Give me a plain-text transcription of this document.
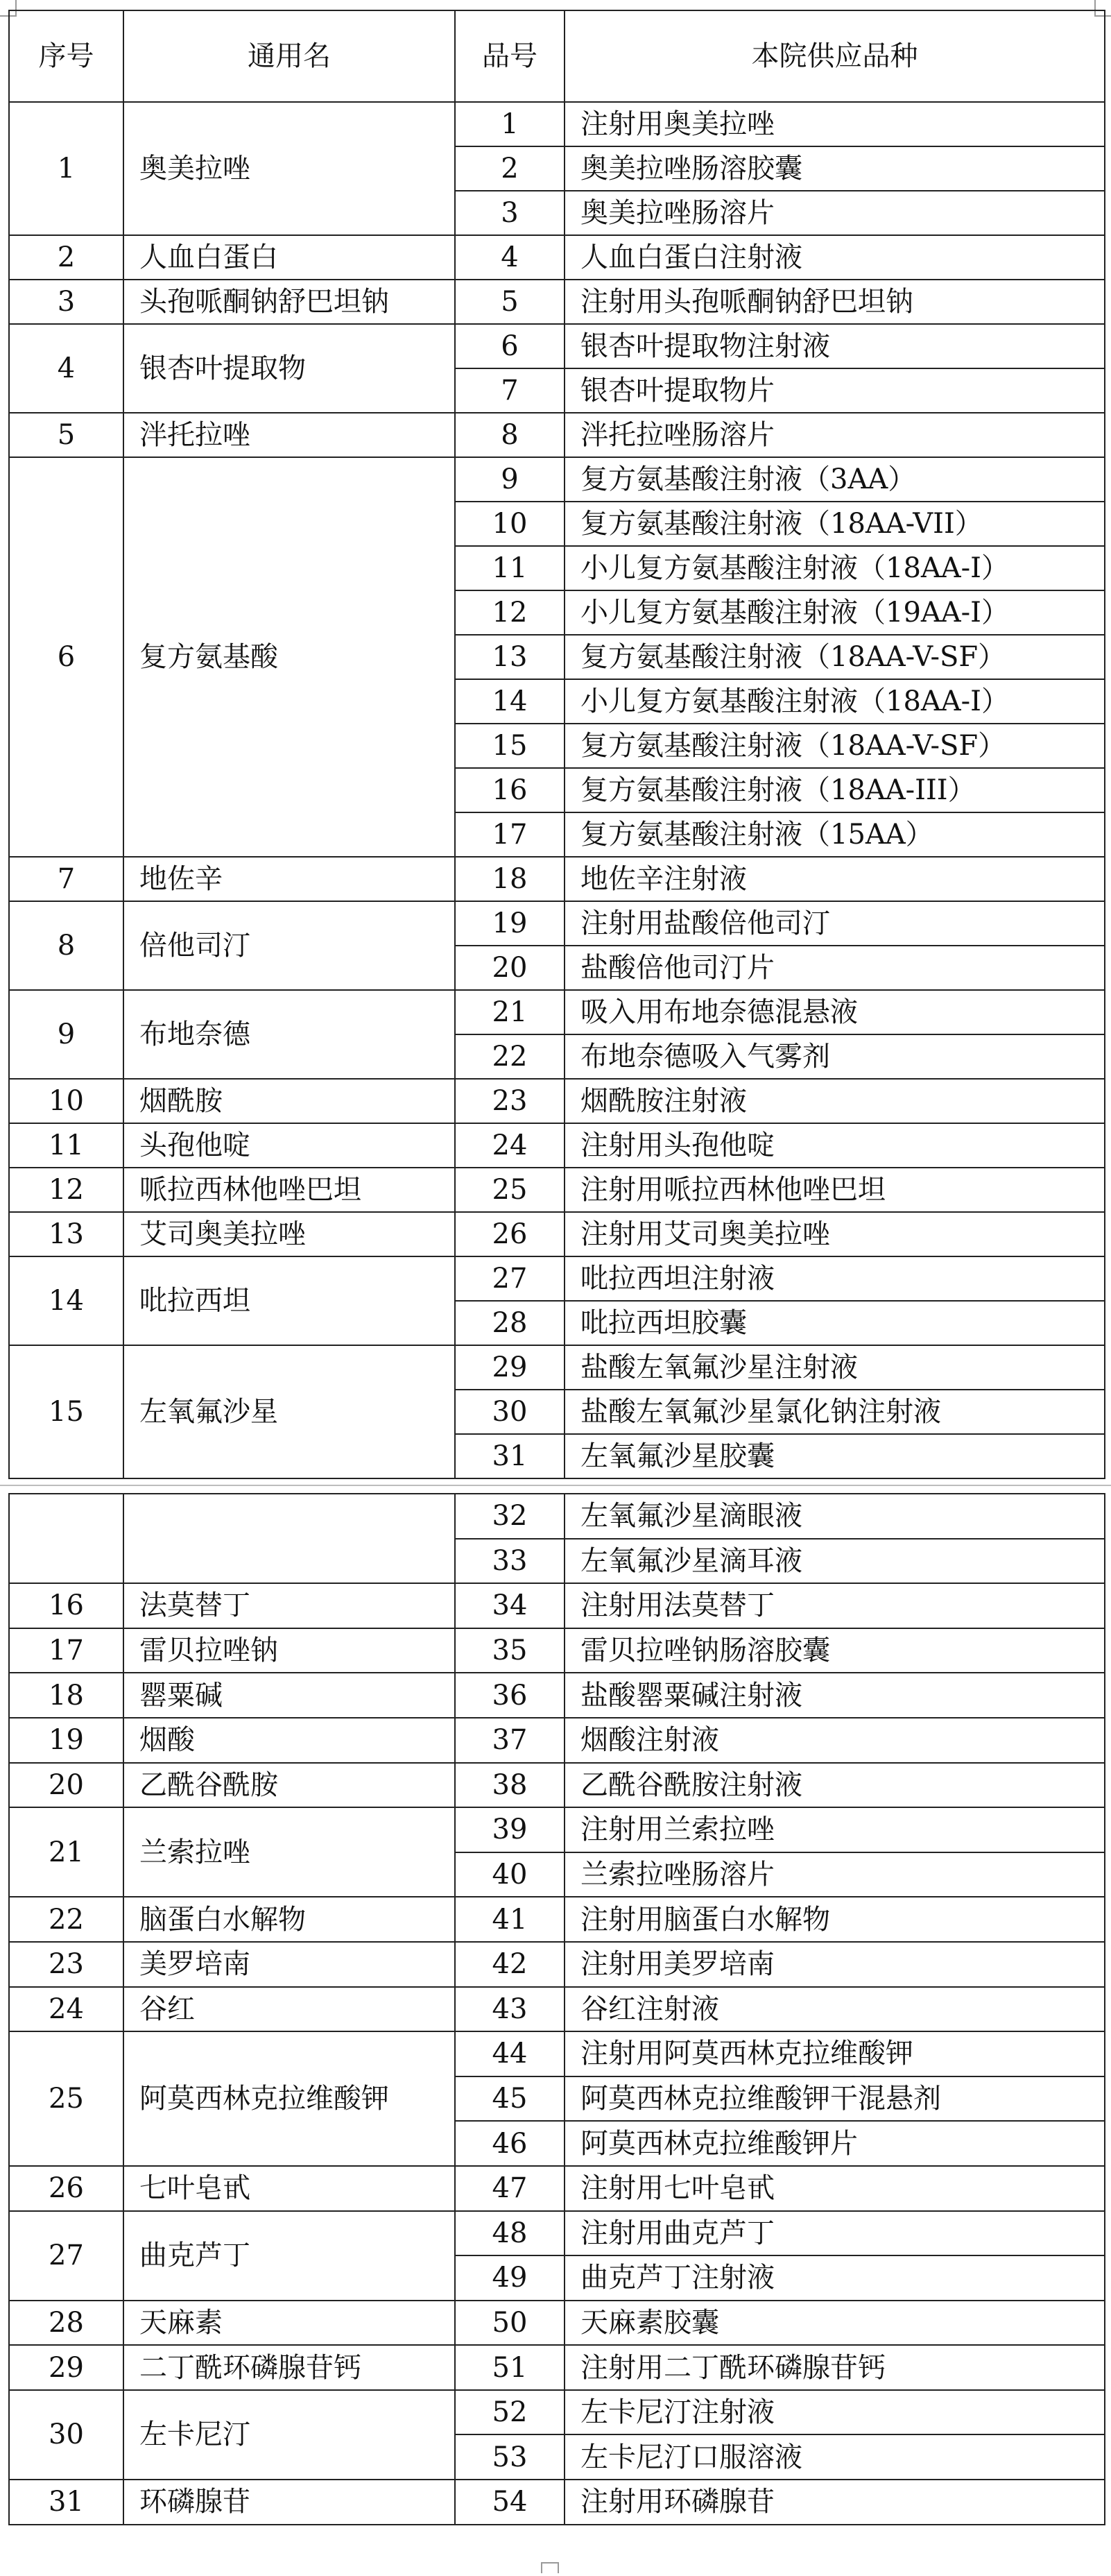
序号	通用名	品号	本院供应品种
1	奥美拉唑	1	注射用奥美拉唑
		2	奥美拉唑肠溶胶囊
		3	奥美拉唑肠溶片
2	人血白蛋白	4	人血白蛋白注射液
3	头孢哌酮钠舒巴坦钠	5	注射用头孢哌酮钠舒巴坦钠
4	银杏叶提取物	6	银杏叶提取物注射液
		7	银杏叶提取物片
5	泮托拉唑	8	泮托拉唑肠溶片
6	复方氨基酸	9	复方氨基酸注射液（3AA）
		10	复方氨基酸注射液（18AA-VII）
		11	小儿复方氨基酸注射液（18AA-I）
		12	小儿复方氨基酸注射液（19AA-I）
		13	复方氨基酸注射液（18AA-V-SF）
		14	小儿复方氨基酸注射液（18AA-I）
		15	复方氨基酸注射液（18AA-V-SF）
		16	复方氨基酸注射液（18AA-III）
		17	复方氨基酸注射液（15AA）
7	地佐辛	18	地佐辛注射液
8	倍他司汀	19	注射用盐酸倍他司汀
		20	盐酸倍他司汀片
9	布地奈德	21	吸入用布地奈德混悬液
		22	布地奈德吸入气雾剂
10	烟酰胺	23	烟酰胺注射液
11	头孢他啶	24	注射用头孢他啶
12	哌拉西林他唑巴坦	25	注射用哌拉西林他唑巴坦
13	艾司奥美拉唑	26	注射用艾司奥美拉唑
14	吡拉西坦	27	吡拉西坦注射液
		28	吡拉西坦胶囊
15	左氧氟沙星	29	盐酸左氧氟沙星注射液
		30	盐酸左氧氟沙星氯化钠注射液
		31	左氧氟沙星胶囊
		32	左氧氟沙星滴眼液
		33	左氧氟沙星滴耳液
16	法莫替丁	34	注射用法莫替丁
17	雷贝拉唑钠	35	雷贝拉唑钠肠溶胶囊
18	罂粟碱	36	盐酸罂粟碱注射液
19	烟酸	37	烟酸注射液
20	乙酰谷酰胺	38	乙酰谷酰胺注射液
21	兰索拉唑	39	注射用兰索拉唑
		40	兰索拉唑肠溶片
22	脑蛋白水解物	41	注射用脑蛋白水解物
23	美罗培南	42	注射用美罗培南
24	谷红	43	谷红注射液
25	阿莫西林克拉维酸钾	44	注射用阿莫西林克拉维酸钾
		45	阿莫西林克拉维酸钾干混悬剂
		46	阿莫西林克拉维酸钾片
26	七叶皂甙	47	注射用七叶皂甙
27	曲克芦丁	48	注射用曲克芦丁
		49	曲克芦丁注射液
28	天麻素	50	天麻素胶囊
29	二丁酰环磷腺苷钙	51	注射用二丁酰环磷腺苷钙
30	左卡尼汀	52	左卡尼汀注射液
		53	左卡尼汀口服溶液
31	环磷腺苷	54	注射用环磷腺苷
